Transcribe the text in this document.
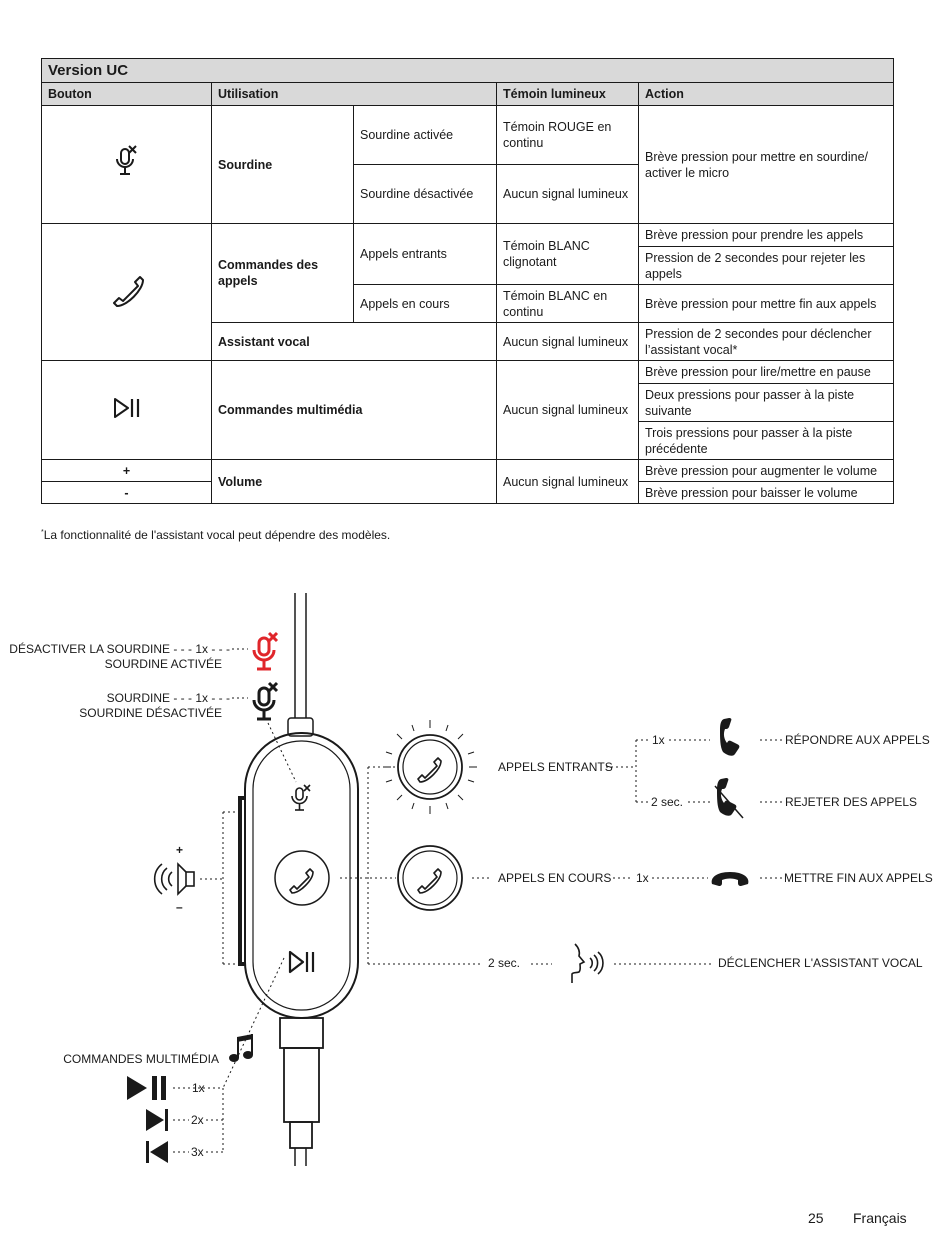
Version UC				
Bouton	Utilisation		Témoin lumineux	Action
	Sourdine	Sourdine activée	Témoin ROUGE en continu	Brève pression pour mettre en sourdine/ activer le micro
		Sourdine désactivée	Aucun signal lumineux	
	Commandes des appels	Appels entrants	Témoin BLANC clignotant	Brève pression pour prendre les appels
				Pression de 2 secondes pour rejeter les appels
		Appels en cours	Témoin BLANC en continu	Brève pression pour mettre fin aux appels
	Assistant vocal		Aucun signal lumineux	Pression de 2 secondes pour déclencher l’assistant vocal*
	Commandes multimédia		Aucun signal lumineux	Brève pression pour lire/mettre en pause
				Deux pressions pour passer à la piste suivante
				Trois pressions pour passer à la piste précédente
+	Volume		Aucun signal lumineux	Brève pression pour augmenter le volume
-				Brève pression pour baisser le volume
*La fonctionnalité de l'assistant vocal peut dépendre des modèles.
DÉSACTIVER LA SOURDINE - - - 1x - - -
SOURDINE ACTIVÉE
SOURDINE - - - 1x - - -
SOURDINE DÉSACTIVÉE
APPELS ENTRANTS
1x
2 sec.
RÉPONDRE AUX APPELS
REJETER DES APPELS
APPELS EN COURS 1x	METTRE FIN AUX APPELS
2 sec.	DÉCLENCHER L'ASSISTANT VOCAL
+
–
COMMANDES MULTIMÉDIA
1x
2x
3x
25 Français
